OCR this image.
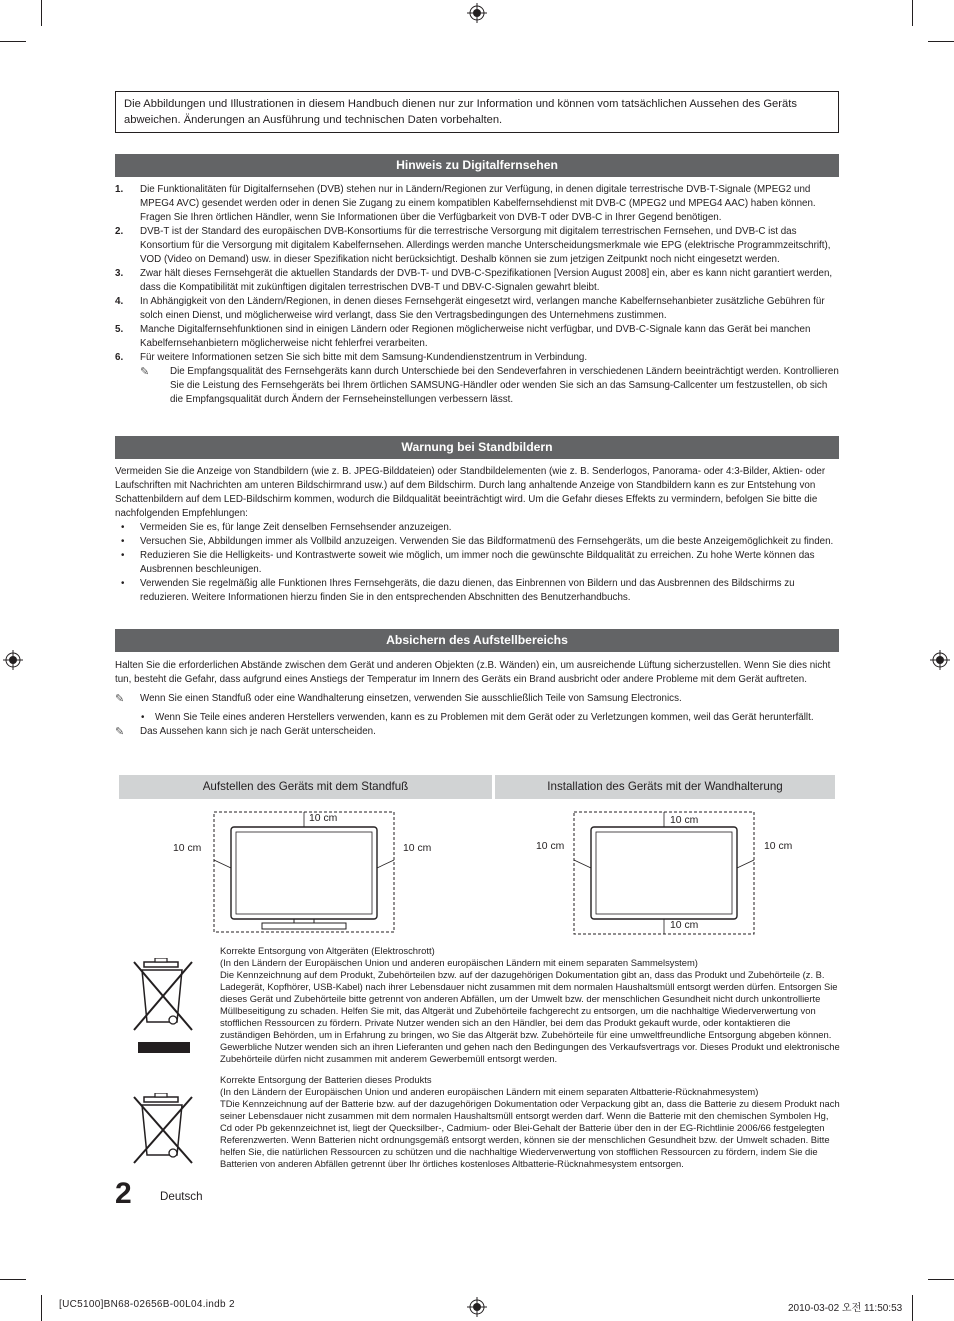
Die Abbildungen und Illustrationen in diesem Handbuch dienen nur zur Information und können vom tatsächlichen Aussehen des Geräts abweichen. Änderungen an Ausführung und technischen Daten vorbehalten.
Hinweis zu Digitalfernsehen
1. Die Funktionalitäten für Digitalfernsehen (DVB) stehen nur in Ländern/Regionen zur Verfügung, in denen digitale terrestrische DVB-T-Signale (MPEG2 und MPEG4 AVC) gesendet werden oder in denen Sie Zugang zu einem kompatiblen Kabelfernsehdienst mit DVB-C (MPEG2 und MPEG4 AAC) haben können. Fragen Sie Ihren örtlichen Händler, wenn Sie Informationen über die Verfügbarkeit von DVB-T oder DVB-C in Ihrer Gegend benötigen.
2. DVB-T ist der Standard des europäischen DVB-Konsortiums für die terrestrische Versorgung mit digitalem terrestrischen Fernsehen, und DVB-C ist das Konsortium für die Versorgung mit digitalem Kabelfernsehen. Allerdings werden manche Unterscheidungsmerkmale wie EPG (elektrische Programmzeitschrift), VOD (Video on Demand) usw. in dieser Spezifikation nicht berücksichtigt. Deshalb können sie zum jetzigen Zeitpunkt noch nicht eingesetzt werden.
3. Zwar hält dieses Fernsehgerät die aktuellen Standards der DVB-T- und DVB-C-Spezifikationen [Version August 2008] ein, aber es kann nicht garantiert werden, dass die Kompatibilität mit zukünftigen digitalen terrestrischen DVB-T und DBV-C-Signalen gewahrt bleibt.
4. In Abhängigkeit von den Ländern/Regionen, in denen dieses Fernsehgerät eingesetzt wird, verlangen manche Kabelfernsehanbieter zusätzliche Gebühren für solch einen Dienst, und möglicherweise wird verlangt, dass Sie den Vertragsbedingungen des Unternehmens zustimmen.
5. Manche Digitalfernsehfunktionen sind in einigen Ländern oder Regionen möglicherweise nicht verfügbar, und DVB-C-Signale kann das Gerät bei manchen Kabelfernsehanbietern möglicherweise nicht fehlerfrei verarbeiten.
6. Für weitere Informationen setzen Sie sich bitte mit dem Samsung-Kundendienstzentrum in Verbindung.
✎ Die Empfangsqualität des Fernsehgeräts kann durch Unterschiede bei den Sendeverfahren in verschiedenen Ländern beeinträchtigt werden. Kontrollieren Sie die Leistung des Fernsehgeräts bei Ihrem örtlichen SAMSUNG-Händler oder wenden Sie sich an das Samsung-Callcenter um festzustellen, ob sich die Empfangsqualität durch Ändern der Fernseheinstellungen verbessern lässt.
Warnung bei Standbildern
Vermeiden Sie die Anzeige von Standbildern (wie z. B. JPEG-Bilddateien) oder Standbildelementen (wie z. B. Senderlogos, Panorama- oder 4:3-Bilder, Aktien- oder Laufschriften mit Nachrichten am unteren Bildschirmrand usw.) auf dem Bildschirm. Durch lang anhaltende Anzeige von Standbildern kann es zur Entstehung von Schattenbildern auf dem LED-Bildschirm kommen, wodurch die Bildqualität beeinträchtigt wird. Um die Gefahr dieses Effekts zu vermindern, befolgen Sie bitte die nachfolgenden Empfehlungen:
• Vermeiden Sie es, für lange Zeit denselben Fernsehsender anzuzeigen.
• Versuchen Sie, Abbildungen immer als Vollbild anzuzeigen. Verwenden Sie das Bildformatmenü des Fernsehgeräts, um die beste Anzeigemöglichkeit zu finden.
• Reduzieren Sie die Helligkeits- und Kontrastwerte soweit wie möglich, um immer noch die gewünschte Bildqualität zu erreichen. Zu hohe Werte können das Ausbrennen beschleunigen.
• Verwenden Sie regelmäßig alle Funktionen Ihres Fernsehgeräts, die dazu dienen, das Einbrennen von Bildern und das Ausbrennen des Bildschirms zu reduzieren. Weitere Informationen hierzu finden Sie in den entsprechenden Abschnitten des Benutzerhandbuchs.
Absichern des Aufstellbereichs
Halten Sie die erforderlichen Abstände zwischen dem Gerät und anderen Objekten (z.B. Wänden) ein, um ausreichende Lüftung sicherzustellen. Wenn Sie dies nicht tun, besteht die Gefahr, dass aufgrund eines Anstiegs der Temperatur im Innern des Geräts ein Brand ausbricht oder andere Probleme mit dem Gerät auftreten.
✎ Wenn Sie einen Standfuß oder eine Wandhalterung einsetzen, verwenden Sie ausschließlich Teile von Samsung Electronics.
• Wenn Sie Teile eines anderen Herstellers verwenden, kann es zu Problemen mit dem Gerät oder zu Verletzungen kommen, weil das Gerät herunterfällt.
✎ Das Aussehen kann sich je nach Gerät unterscheiden.
Aufstellen des Geräts mit dem Standfuß	Installation des Geräts mit der Wandhalterung
10 cm
10 cm	10 cm
10 cm
10 cm	10 cm
10 cm
Korrekte Entsorgung von Altgeräten (Elektroschrott)
(In den Ländern der Europäischen Union und anderen europäischen Ländern mit einem separaten Sammelsystem)
Die Kennzeichnung auf dem Produkt, Zubehörteilen bzw. auf der dazugehörigen Dokumentation gibt an, dass das Produkt und Zubehörteile (z. B. Ladegerät, Kopfhörer, USB-Kabel) nach ihrer Lebensdauer nicht zusammen mit dem normalen Haushaltsmüll entsorgt werden dürfen. Entsorgen Sie dieses Gerät und Zubehörteile bitte getrennt von anderen Abfällen, um der Umwelt bzw. der menschlichen Gesundheit nicht durch unkontrollierte Müllbeseitigung zu schaden. Helfen Sie mit, das Altgerät und Zubehörteile fachgerecht zu entsorgen, um die nachhaltige Wiederverwertung von stofflichen Ressourcen zu fördern. Private Nutzer wenden sich an den Händler, bei dem das Produkt gekauft wurde, oder kontaktieren die zuständigen Behörden, um in Erfahrung zu bringen, wo Sie das Altgerät bzw. Zubehörteile für eine umweltfreundliche Entsorgung abgeben können. Gewerbliche Nutzer wenden sich an ihren Lieferanten und gehen nach den Bedingungen des Verkaufsvertrags vor. Dieses Produkt und elektronische Zubehörteile dürfen nicht zusammen mit anderem Gewerbemüll entsorgt werden.
Korrekte Entsorgung der Batterien dieses Produkts
(In den Ländern der Europäischen Union und anderen europäischen Ländern mit einem separaten Altbatterie-Rücknahmesystem)
TDie Kennzeichnung auf der Batterie bzw. auf der dazugehörigen Dokumentation oder Verpackung gibt an, dass die Batterie zu diesem Produkt nach seiner Lebensdauer nicht zusammen mit dem normalen Haushaltsmüll entsorgt werden darf. Wenn die Batterie mit den chemischen Symbolen Hg, Cd oder Pb gekennzeichnet ist, liegt der Quecksilber-, Cadmium- oder Blei-Gehalt der Batterie über den in der EG-Richtlinie 2006/66 festgelegten Referenzwerten. Wenn Batterien nicht ordnungsgemäß entsorgt werden, können sie der menschlichen Gesundheit bzw. der Umwelt schaden. Bitte helfen Sie, die natürlichen Ressourcen zu schützen und die nachhaltige Wiederverwertung von stofflichen Ressourcen zu fördern, indem Sie die Batterien von anderen Abfällen getrennt über Ihr örtliches kostenloses Altbatterie-Rücknahmesystem entsorgen.
2 Deutsch
[UC5100]BN68-02656B-00L04.indb 2	2010-03-02 오전 11:50:53
